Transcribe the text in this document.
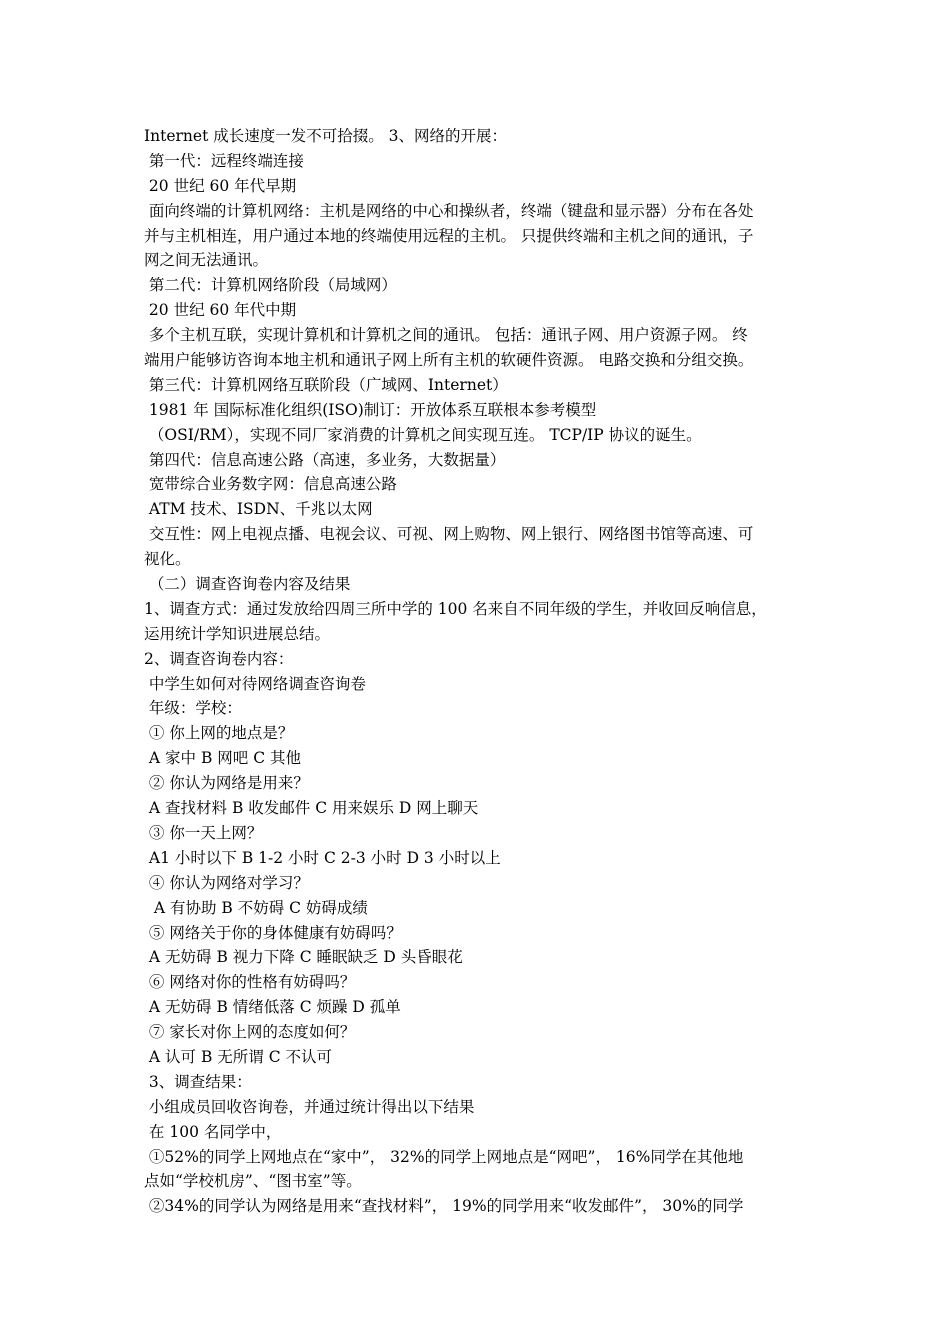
Internet 成长速度一发不可拾掇。 3、网络的开展：
第一代：远程终端连接
20 世纪 60 年代早期
面向终端的计算机网络：主机是网络的中心和操纵者，终端（键盘和显示器）分布在各处
并与主机相连，用户通过本地的终端使用远程的主机。 只提供终端和主机之间的通讯，子
网之间无法通讯。
第二代：计算机网络阶段（局域网）
20 世纪 60 年代中期
多个主机互联，实现计算机和计算机之间的通讯。 包括：通讯子网、用户资源子网。 终
端用户能够访咨询本地主机和通讯子网上所有主机的软硬件资源。 电路交换和分组交换。
第三代：计算机网络互联阶段（广域网、Internet）
1981 年 国际标准化组织(ISO)制订：开放体系互联根本参考模型
（OSI/RM），实现不同厂家消费的计算机之间实现互连。 TCP/IP 协议的诞生。
第四代：信息高速公路（高速，多业务，大数据量）
宽带综合业务数字网：信息高速公路
ATM 技术、ISDN、千兆以太网
交互性：网上电视点播、电视会议、可视、网上购物、网上银行、网络图书馆等高速、可
视化。
（二）调查咨询卷内容及结果
1、调查方式：通过发放给四周三所中学的 100 名来自不同年级的学生，并收回反响信息，
运用统计学知识进展总结。
2、调查咨询卷内容：
中学生如何对待网络调查咨询卷
年级：学校：
① 你上网的地点是？
A 家中 B 网吧 C 其他
② 你认为网络是用来？
A 查找材料 B 收发邮件 C 用来娱乐 D 网上聊天
③ 你一天上网？
A1 小时以下 B 1-2 小时 C 2-3 小时 D 3 小时以上
④ 你认为网络对学习？
A 有协助 B 不妨碍 C 妨碍成绩
⑤ 网络关于你的身体健康有妨碍吗？
A 无妨碍 B 视力下降 C 睡眠缺乏 D 头昏眼花
⑥ 网络对你的性格有妨碍吗？
A 无妨碍 B 情绪低落 C 烦躁 D 孤单
⑦ 家长对你上网的态度如何？
A 认可 B 无所谓 C 不认可
3、调查结果：
小组成员回收咨询卷，并通过统计得出以下结果
在 100 名同学中，
①52%的同学上网地点在“家中”， 32%的同学上网地点是“网吧”， 16%同学在其他地
点如“学校机房”、“图书室”等。
②34%的同学认为网络是用来“查找材料”， 19%的同学用来“收发邮件”， 30%的同学
